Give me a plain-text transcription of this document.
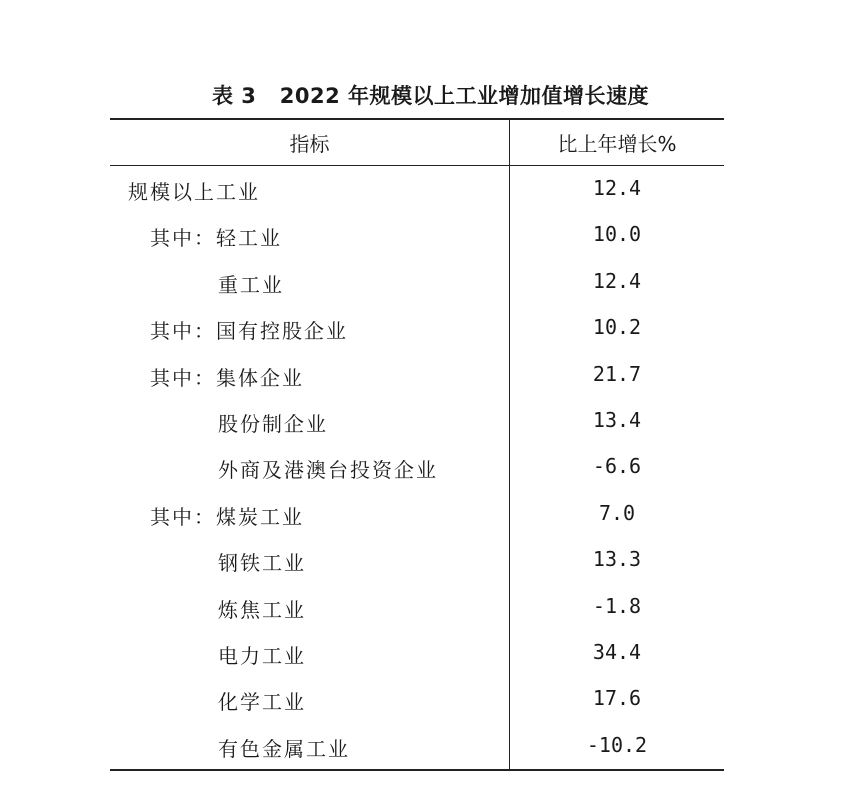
表 3   2022 年规模以上工业增加值增长速度
指标	比上年增长%
规模以上工业	12.4
其中：轻工业	10.0
重工业	12.4
其中：国有控股企业	10.2
其中：集体企业	21.7
股份制企业	13.4
外商及港澳台投资企业	-6.6
其中：煤炭工业	7.0
钢铁工业	13.3
炼焦工业	-1.8
电力工业	34.4
化学工业	17.6
有色金属工业	-10.2
